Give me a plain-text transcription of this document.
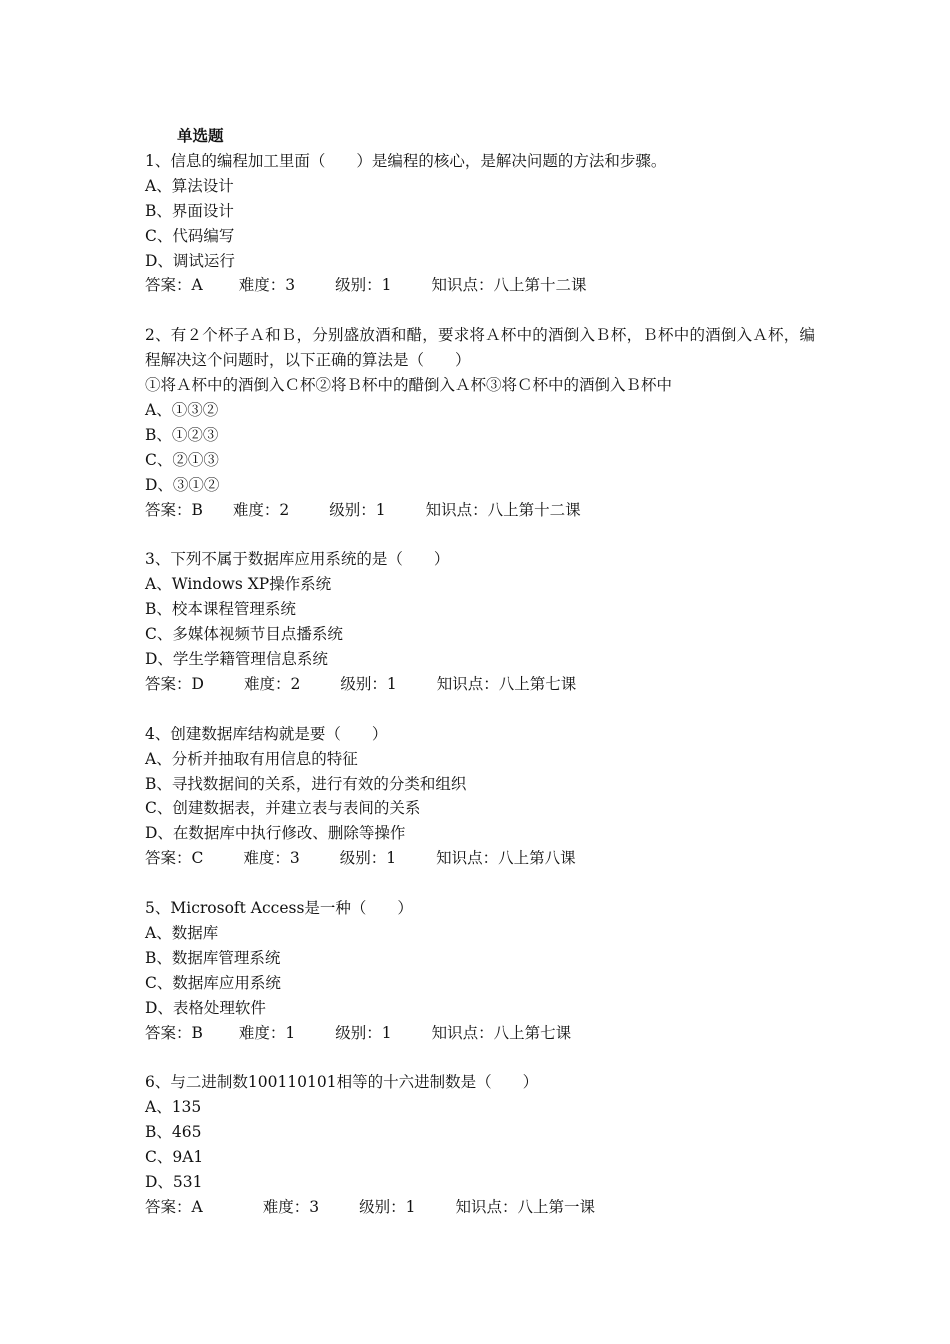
单选题
1、信息的编程加工里面（　　）是编程的核心，是解决问题的方法和步骤。
A、算法设计
B、界面设计
C、代码编写
D、调试运行
答案：A 难度：3	级别：1	知识点：八上第十二课
2、有２个杯子Ａ和Ｂ，分别盛放酒和醋，要求将Ａ杯中的酒倒入Ｂ杯，Ｂ杯中的酒倒入Ａ杯，编程解决这个问题时，以下正确的算法是（　　）
①将Ａ杯中的酒倒入Ｃ杯②将Ｂ杯中的醋倒入Ａ杯③将Ｃ杯中的酒倒入Ｂ杯中
A、①③②
B、①②③
C、②①③
D、③①②
答案：B 难度：2	级别：1	知识点：八上第十二课
3、下列不属于数据库应用系统的是（　　）
A、Windows XP操作系统
B、校本课程管理系统
C、多媒体视频节目点播系统
D、学生学籍管理信息系统
答案：D	难度：2	级别：1	知识点：八上第七课
4、创建数据库结构就是要（　　）
A、分析并抽取有用信息的特征
B、寻找数据间的关系，进行有效的分类和组织
C、创建数据表，并建立表与表间的关系
D、在数据库中执行修改、删除等操作
答案：C	难度：3	级别：1	知识点：八上第八课
5、Microsoft Access是一种（　　）
A、数据库
B、数据库管理系统
C、数据库应用系统
D、表格处理软件
答案：B 难度：1	级别：1	知识点：八上第七课
6、与二进制数100110101相等的十六进制数是（　　）
A、135
B、465
C、9A1
D、531
答案：A	难度：3	级别：1	知识点：八上第一课
